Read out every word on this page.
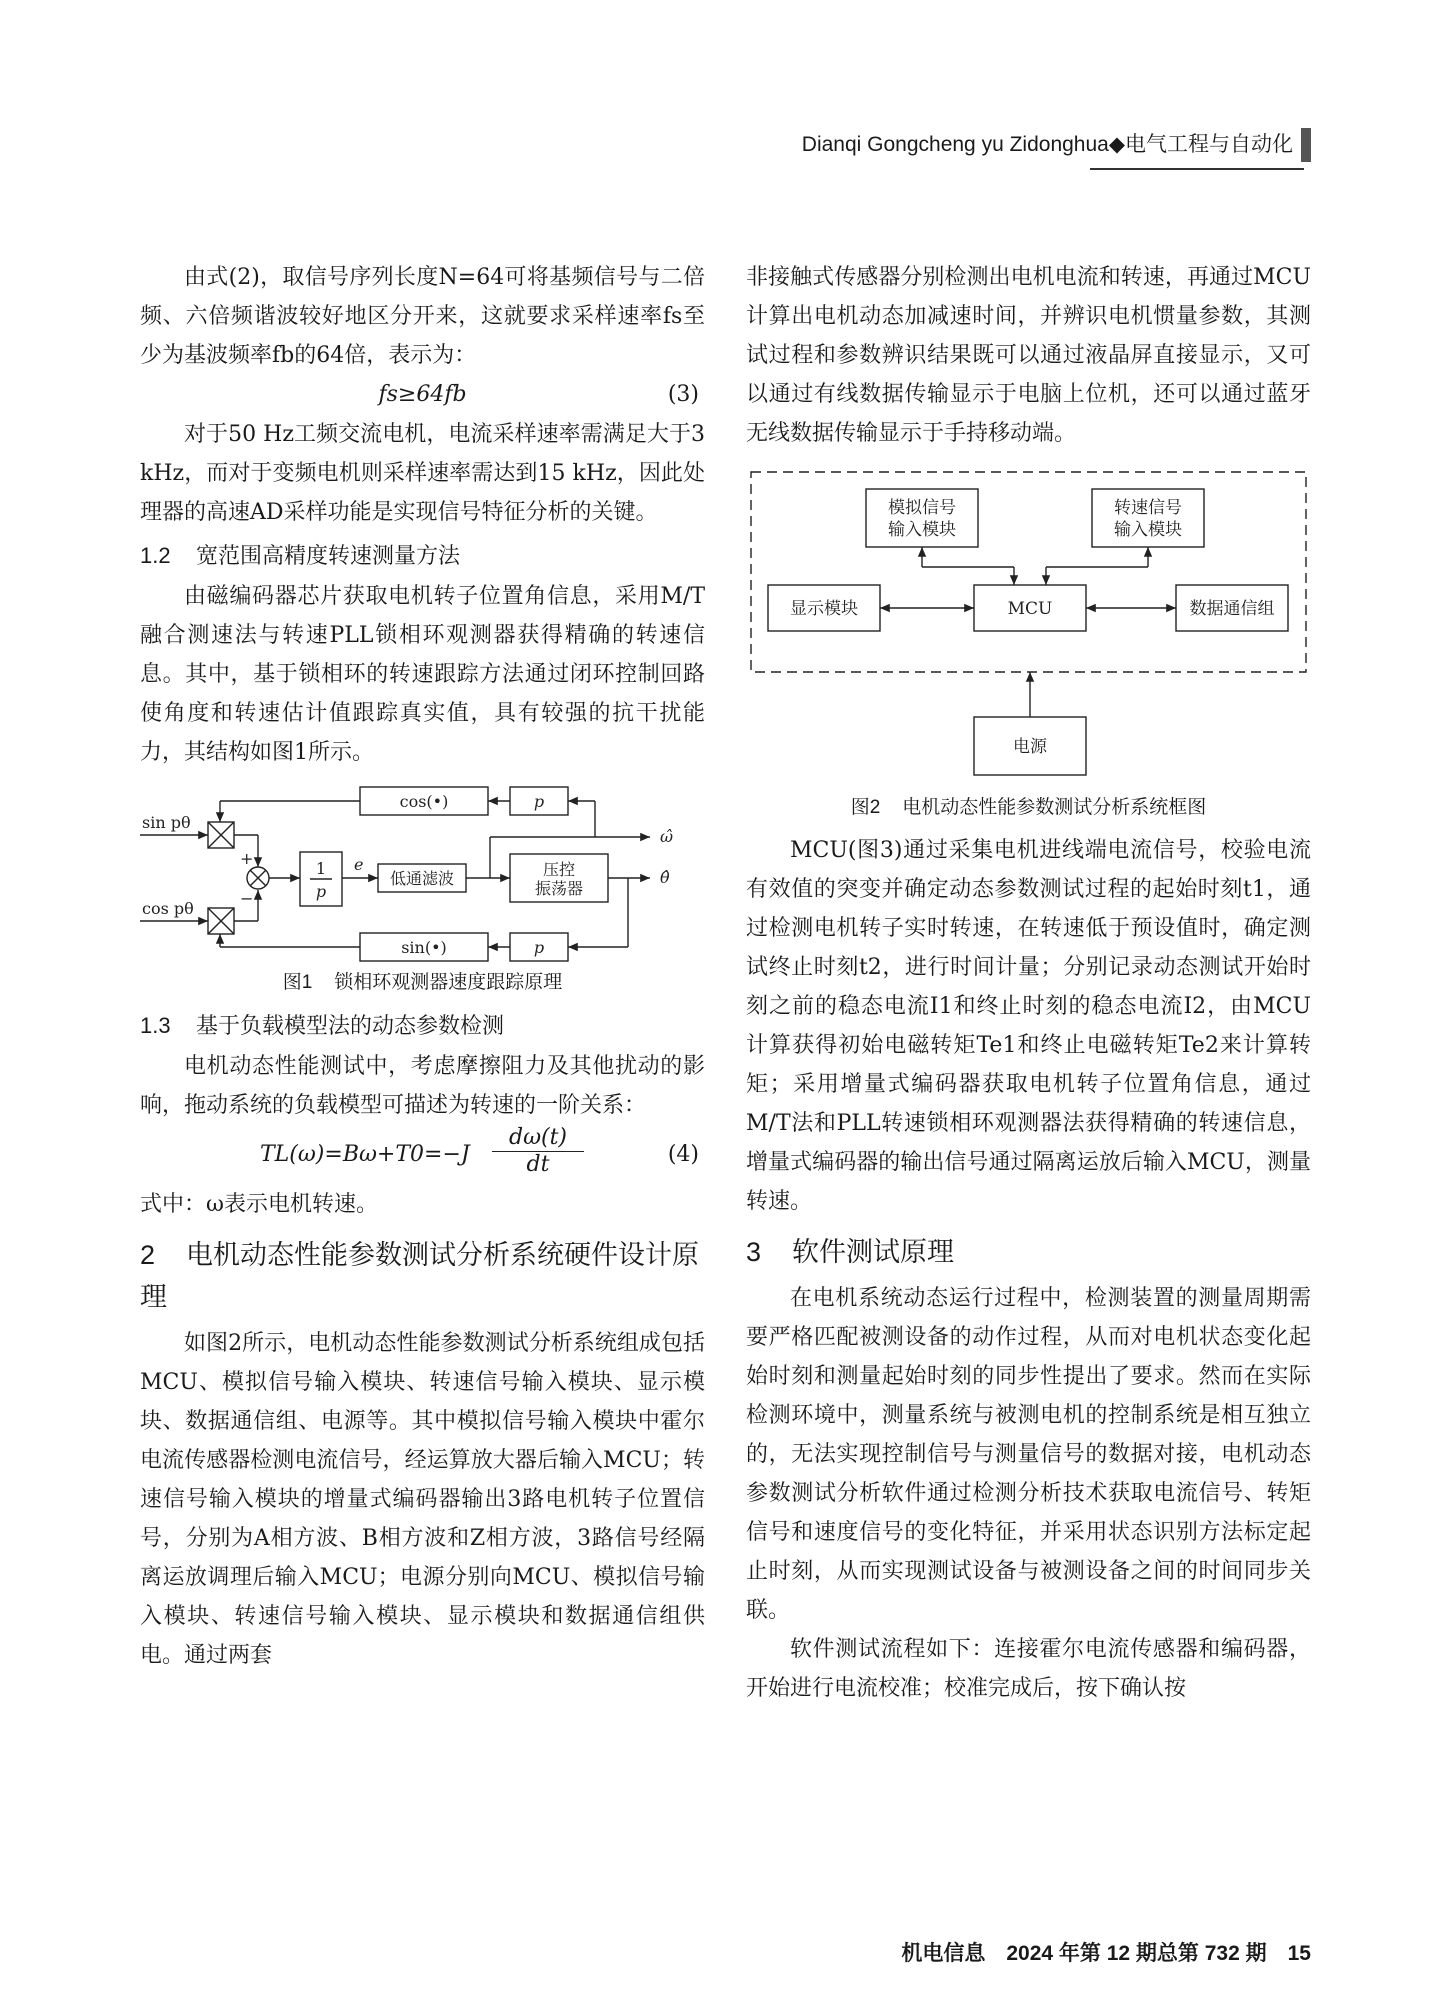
Dianqi Gongcheng yu Zidonghua◆电气工程与自动化

由式(2)，取信号序列长度N=64可将基频信号与二倍频、六倍频谐波较好地区分开来，这就要求采样速率fs至少为基波频率fb的64倍，表示为：

fs≥64fb	(3)

对于50 Hz工频交流电机，电流采样速率需满足大于3 kHz，而对于变频电机则采样速率需达到15 kHz，因此处理器的高速AD采样功能是实现信号特征分析的关键。

1.2 宽范围高精度转速测量方法

由磁编码器芯片获取电机转子位置角信息，采用M/T融合测速法与转速PLL锁相环观测器获得精确的转速信息。其中，基于锁相环的转速跟踪方法通过闭环控制回路使角度和转速估计值跟踪真实值，具有较强的抗干扰能力，其结构如图1所示。

cos(•)	p
sin(•)	p
sin pθ
cos pθ
+
−
1
p
e
低通滤波	压控
振荡器
ω̂
θ̂
图1 锁相环观测器速度跟踪原理
1.3 基于负载模型法的动态参数检测

电机动态性能测试中，考虑摩擦阻力及其他扰动的影响，拖动系统的负载模型可描述为转速的一阶关系：

$TL(\omega)=B\omega+T0=-J \frac{d\omega(t)}{dt}$	(4)

式中：ω表示电机转速。

2 电机动态性能参数测试分析系统硬件设计原理

如图2所示，电机动态性能参数测试分析系统组成包括MCU、模拟信号输入模块、转速信号输入模块、显示模块、数据通信组、电源等。其中模拟信号输入模块中霍尔电流传感器检测电流信号，经运算放大器后输入MCU；转速信号输入模块的增量式编码器输出3路电机转子位置信号，分别为A相方波、B相方波和Z相方波，3路信号经隔离运放调理后输入MCU；电源分别向MCU、模拟信号输入模块、转速信号输入模块、显示模块和数据通信组供电。通过两套

非接触式传感器分别检测出电机电流和转速，再通过MCU计算出电机动态加减速时间，并辨识电机惯量参数，其测试过程和参数辨识结果既可以通过液晶屏直接显示，又可以通过有线数据传输显示于电脑上位机，还可以通过蓝牙无线数据传输显示于手持移动端。

模拟信号
输入模块
转速信号
输入模块
显示模块	MCU	数据通信组
电源
图2 电机动态性能参数测试分析系统框图

MCU(图3)通过采集电机进线端电流信号，校验电流有效值的突变并确定动态参数测试过程的起始时刻t1，通过检测电机转子实时转速，在转速低于预设值时，确定测试终止时刻t2，进行时间计量；分别记录动态测试开始时刻之前的稳态电流I1和终止时刻的稳态电流I2，由MCU计算获得初始电磁转矩Te1和终止电磁转矩Te2来计算转矩；采用增量式编码器获取电机转子位置角信息，通过M/T法和PLL转速锁相环观测器法获得精确的转速信息，增量式编码器的输出信号通过隔离运放后输入MCU，测量转速。

3 软件测试原理

在电机系统动态运行过程中，检测装置的测量周期需要严格匹配被测设备的动作过程，从而对电机状态变化起始时刻和测量起始时刻的同步性提出了要求。然而在实际检测环境中，测量系统与被测电机的控制系统是相互独立的，无法实现控制信号与测量信号的数据对接，电机动态参数测试分析软件通过检测分析技术获取电流信号、转矩信号和速度信号的变化特征，并采用状态识别方法标定起止时刻，从而实现测试设备与被测设备之间的时间同步关联。

软件测试流程如下：连接霍尔电流传感器和编码器，开始进行电流校准；校准完成后，按下确认按

机电信息　2024 年第 12 期总第 732 期　15
